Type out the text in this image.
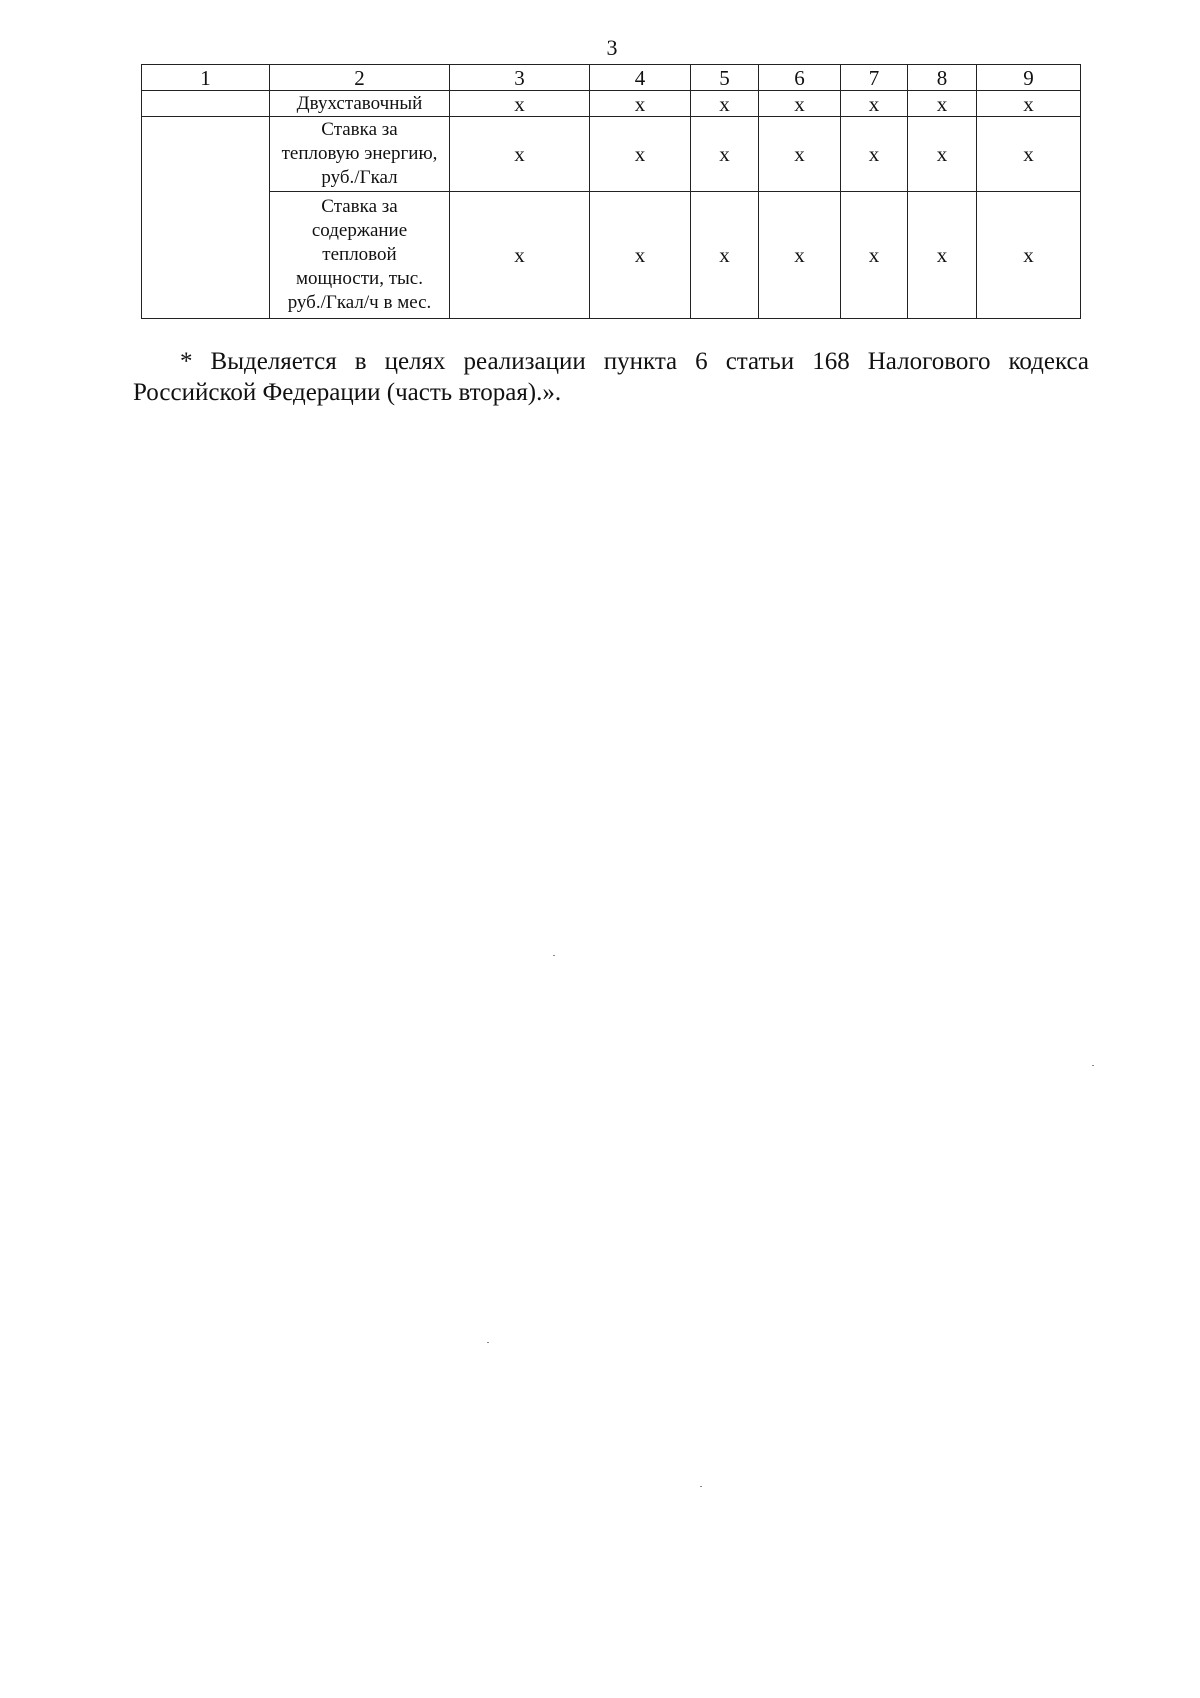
3
1	2	3	4	5	6	7	8	9

	Двухставочный	x	x	x	x	x	x	x

	Ставка за
тепловую энергию,
руб./Гкал	x	x	x	x	x	x	x

	Ставка за
содержание
тепловой
мощности, тыс.
руб./Гкал/ч в мес.	x	x	x	x	x	x	x
* Выделяется в целях реализации пункта 6 статьи 168 Налогового кодекса Российской Федерации (часть вторая).».
